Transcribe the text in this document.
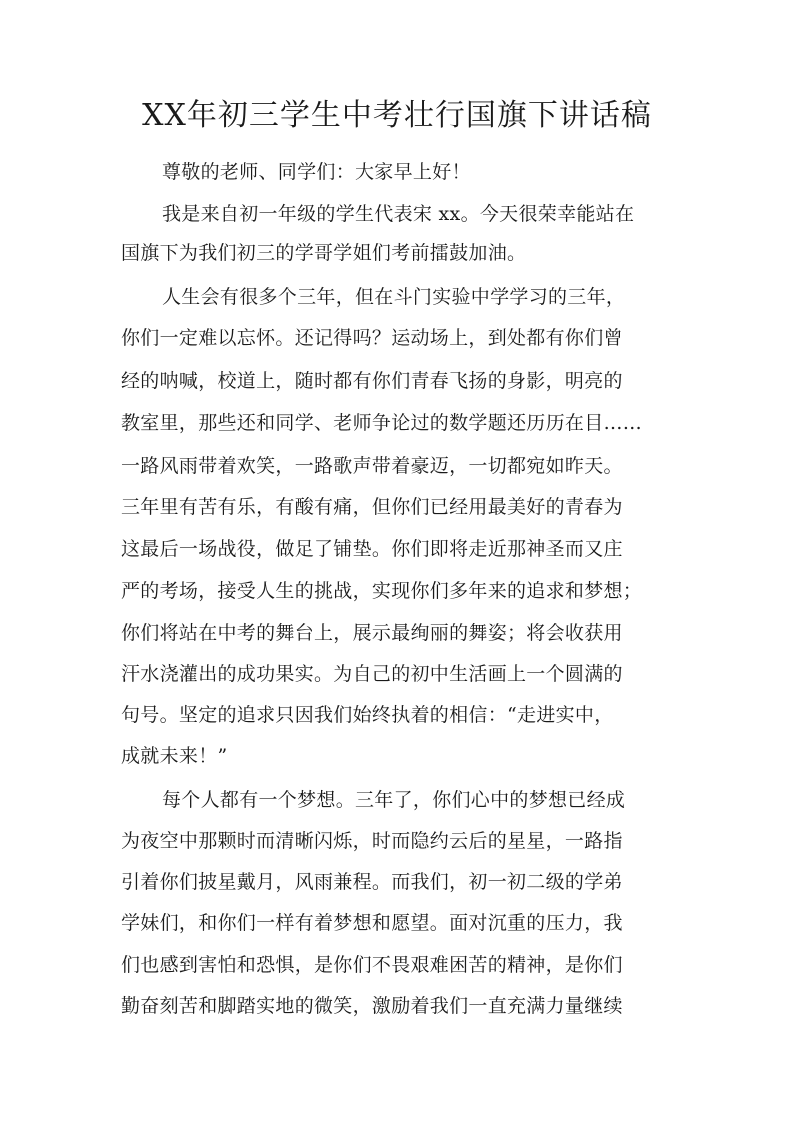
XX年初三学生中考壮行国旗下讲话稿

尊敬的老师、同学们：大家早上好！

我是来自初一年级的学生代表宋 xx。今天很荣幸能站在

国旗下为我们初三的学哥学姐们考前擂鼓加油。

人生会有很多个三年，但在斗门实验中学学习的三年，

你们一定难以忘怀。还记得吗？运动场上，到处都有你们曾

经的呐喊，校道上，随时都有你们青春飞扬的身影，明亮的

教室里，那些还和同学、老师争论过的数学题还历历在目……

一路风雨带着欢笑，一路歌声带着豪迈，一切都宛如昨天。

三年里有苦有乐，有酸有痛，但你们已经用最美好的青春为

这最后一场战役，做足了铺垫。你们即将走近那神圣而又庄

严的考场，接受人生的挑战，实现你们多年来的追求和梦想；

你们将站在中考的舞台上，展示最绚丽的舞姿；将会收获用

汗水浇灌出的成功果实。为自己的初中生活画上一个圆满的

句号。坚定的追求只因我们始终执着的相信：“走进实中，

成就未来！”

每个人都有一个梦想。三年了，你们心中的梦想已经成

为夜空中那颗时而清晰闪烁，时而隐约云后的星星，一路指

引着你们披星戴月，风雨兼程。而我们，初一初二级的学弟

学妹们，和你们一样有着梦想和愿望。面对沉重的压力，我

们也感到害怕和恐惧，是你们不畏艰难困苦的精神，是你们

勤奋刻苦和脚踏实地的微笑，激励着我们一直充满力量继续
